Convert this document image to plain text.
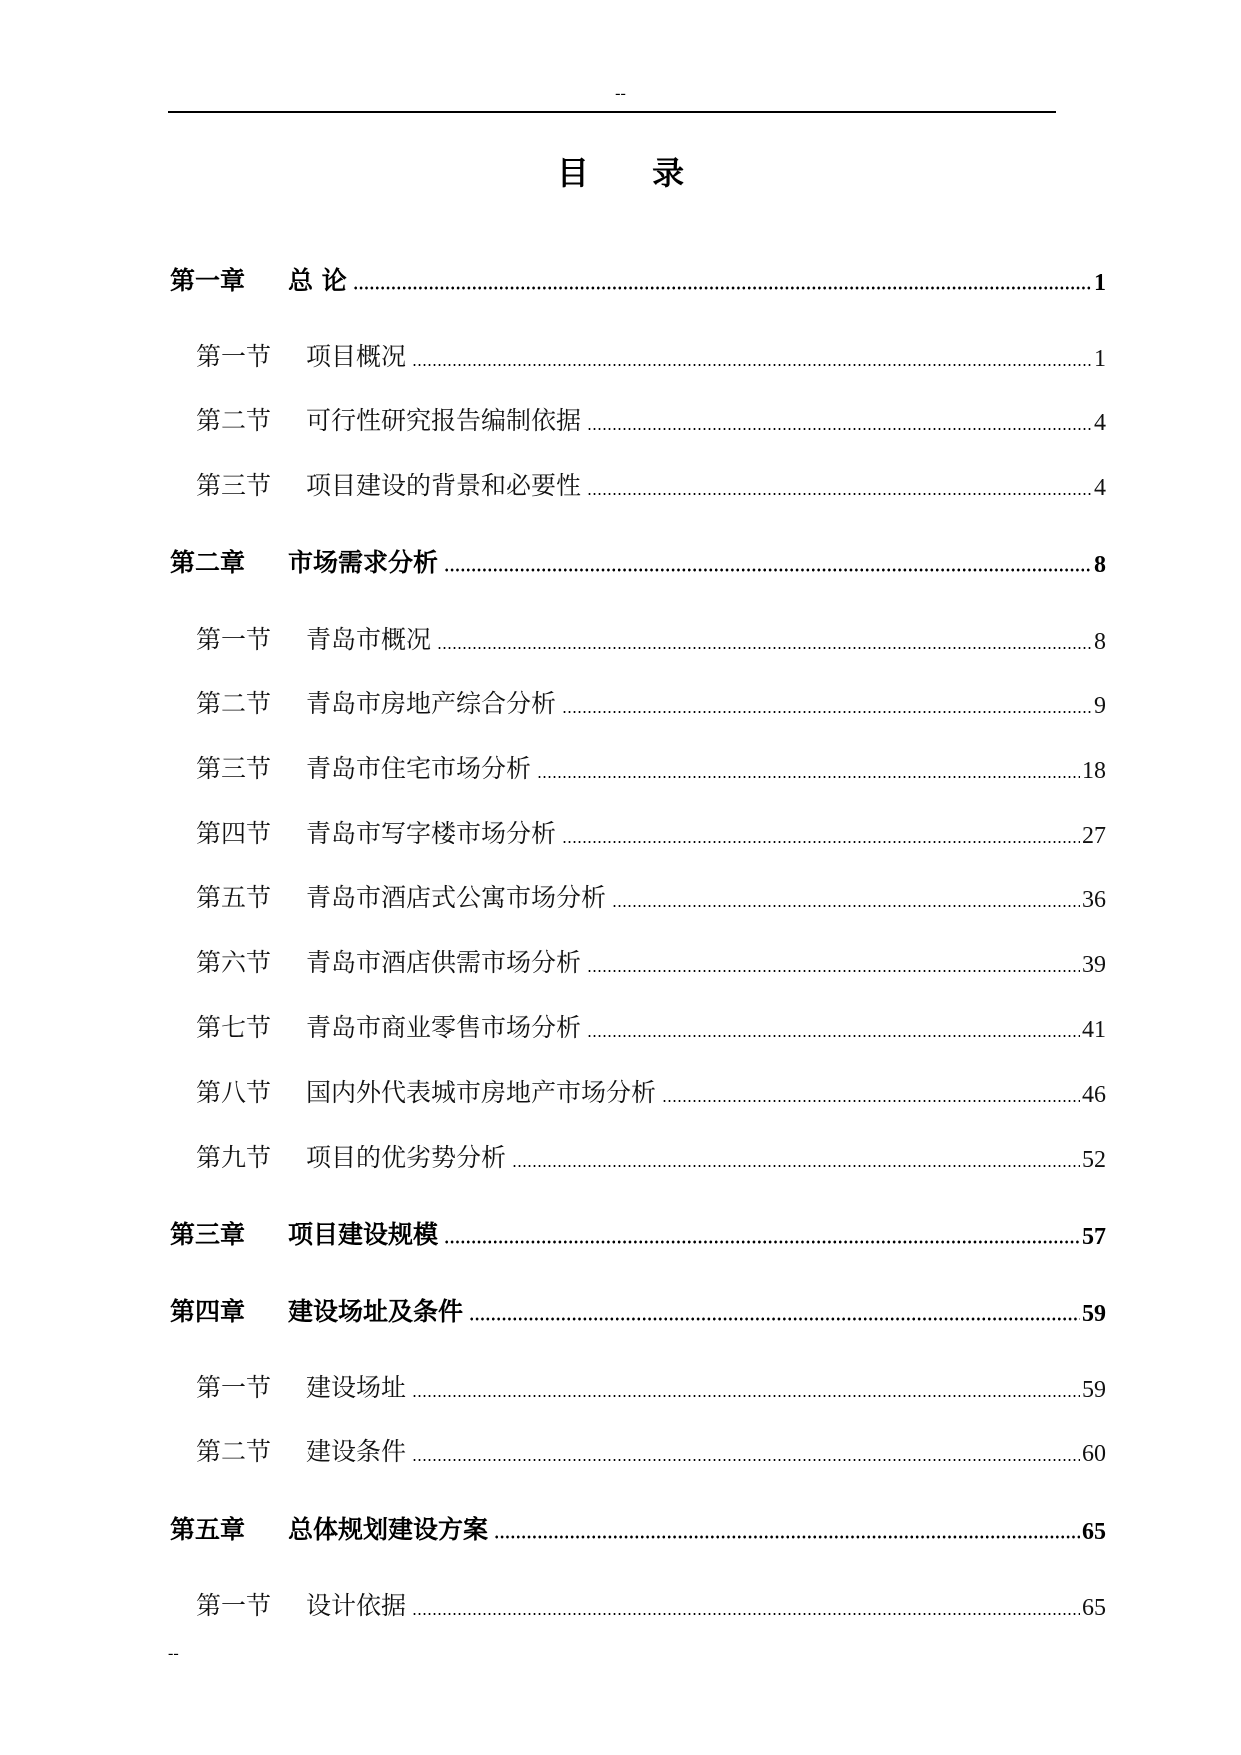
--
目 录
第一章	总 论	1
第一节	项目概况	1
第二节	可行性研究报告编制依据	4
第三节	项目建设的背景和必要性	4
第二章	市场需求分析	8
第一节	青岛市概况	8
第二节	青岛市房地产综合分析	9
第三节	青岛市住宅市场分析	18
第四节	青岛市写字楼市场分析	27
第五节	青岛市酒店式公寓市场分析	36
第六节	青岛市酒店供需市场分析	39
第七节	青岛市商业零售市场分析	41
第八节	国内外代表城市房地产市场分析	46
第九节	项目的优劣势分析	52
第三章	项目建设规模	57
第四章	建设场址及条件	59
第一节	建设场址	59
第二节	建设条件	60
第五章	总体规划建设方案	65
第一节	设计依据	65
--
